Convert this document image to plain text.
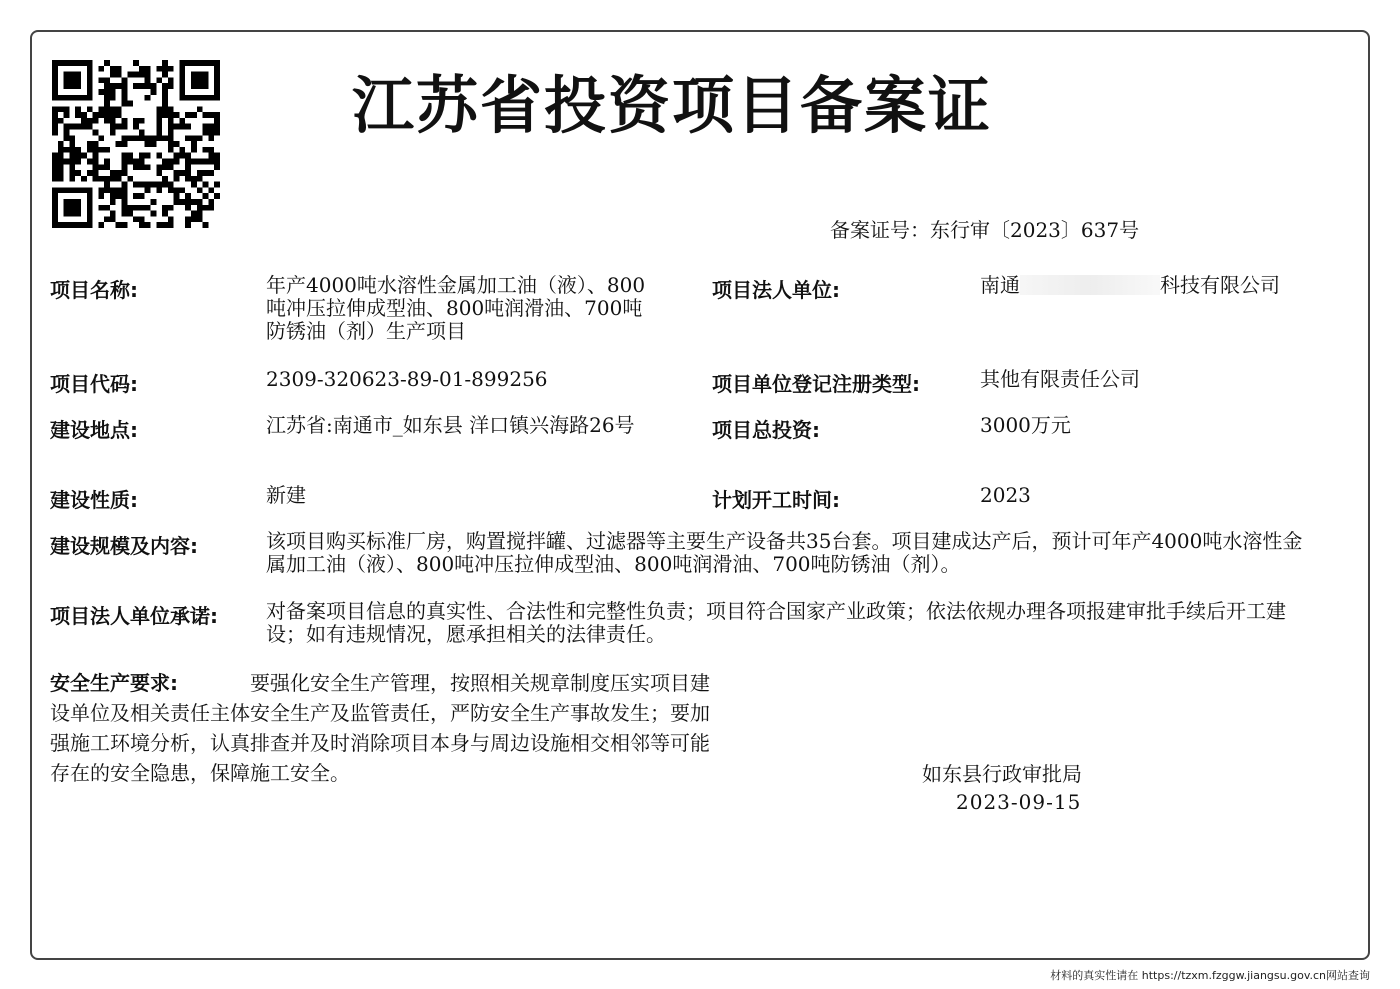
江苏省投资项目备案证
备案证号：东行审〔2023〕637号
项目名称:	年产4000吨水溶性金属加工油（液）、800吨冲压拉伸成型油、800吨润滑油、700吨防锈油（剂）生产项目
项目法人单位:	南通	科技有限公司
项目代码:	2309-320623-89-01-899256	项目单位登记注册类型:	其他有限责任公司
建设地点:	江苏省:南通市_如东县 洋口镇兴海路26号	项目总投资:	3000万元
建设性质:	新建	计划开工时间:	2023
建设规模及内容:	该项目购买标准厂房，购置搅拌罐、过滤器等主要生产设备共35台套。项目建成达产后，预计可年产4000吨水溶性金属加工油（液）、800吨冲压拉伸成型油、800吨润滑油、700吨防锈油（剂）。
项目法人单位承诺: 对备案项目信息的真实性、合法性和完整性负责；项目符合国家产业政策；依法依规办理各项报建审批手续后开工建设；如有违规情况，愿承担相关的法律责任。
安全生产要求:	要强化安全生产管理，按照相关规章制度压实项目建设单位及相关责任主体安全生产及监管责任，严防安全生产事故发生；要加强施工环境分析，认真排查并及时消除项目本身与周边设施相交相邻等可能存在的安全隐患，保障施工安全。	如东县行政审批局
2023-09-15
材料的真实性请在 https://tzxm.fzggw.jiangsu.gov.cn网站查询
